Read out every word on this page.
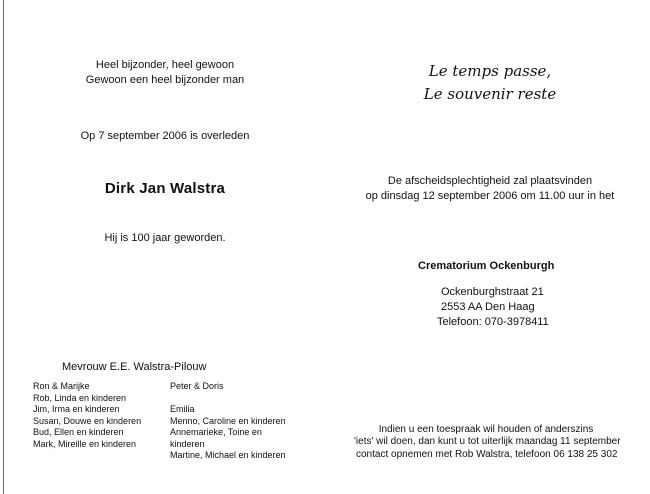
Heel bijzonder, heel gewoon
Gewoon een heel bijzonder man
Op 7 september 2006 is overleden
Dirk Jan Walstra
Hij is 100 jaar geworden.
Mevrouw E.E. Walstra-Pilouw
Ron & Marijke
Rob, Linda en kinderen
Jim, Irma en kinderen
Susan, Douwe en kinderen
Bud, Ellen en kinderen
Mark, Mireille en kinderen
Peter & Doris
Emilia
Menno, Caroline en kinderen
Annemarieke, Toine en
kinderen
Martine, Michael en kinderen
Le temps passe,
Le souvenir reste
De afscheidsplechtigheid zal plaatsvinden
op dinsdag 12 september 2006 om 11.00 uur in het
Crematorium Ockenburgh
Ockenburghstraat 21
2553 AA Den Haag
Telefoon: 070-3978411
Indien u een toespraak wil houden of anderszins
'iets' wil doen, dan kunt u tot uiterlijk maandag 11 september
contact opnemen met Rob Walstra, telefoon 06 138 25 302
